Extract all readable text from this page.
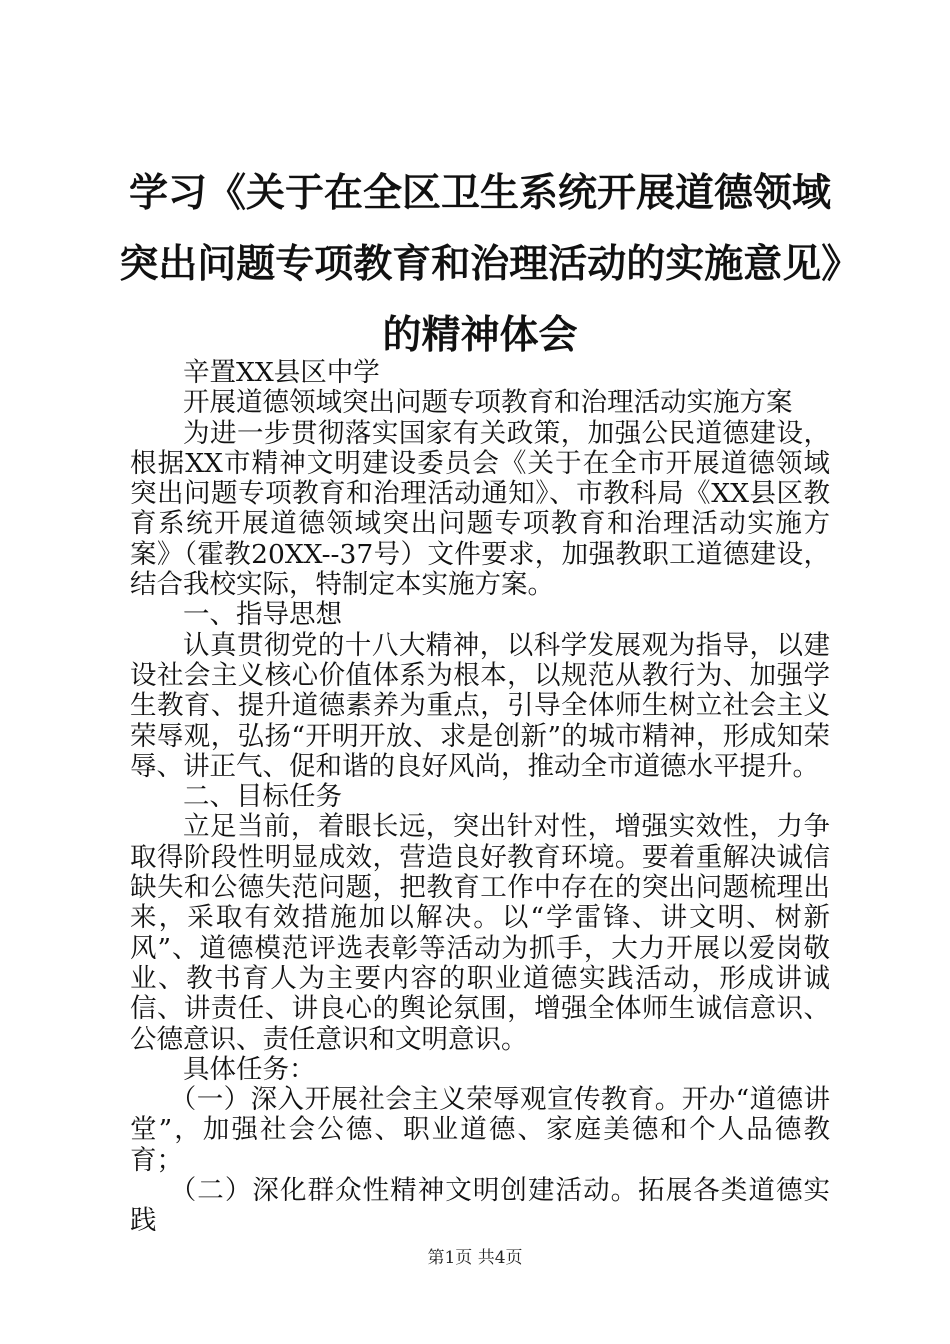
学习《关于在全区卫生系统开展道德领域突出问题专项教育和治理活动的实施意见》的精神体会

辛置XX县区中学

开展道德领域突出问题专项教育和治理活动实施方案

为进一步贯彻落实国家有关政策，加强公民道德建设，根据XX市精神文明建设委员会《关于在全市开展道德领域突出问题专项教育和治理活动通知》、市教科局《XX县区教育系统开展道德领域突出问题专项教育和治理活动实施方案》（霍教20XX--37号）文件要求，加强教职工道德建设，结合我校实际，特制定本实施方案。

一、指导思想

认真贯彻党的十八大精神，以科学发展观为指导，以建设社会主义核心价值体系为根本，以规范从教行为、加强学生教育、提升道德素养为重点，引导全体师生树立社会主义荣辱观，弘扬“开明开放、求是创新”的城市精神，形成知荣辱、讲正气、促和谐的良好风尚，推动全市道德水平提升。

二、目标任务

立足当前，着眼长远，突出针对性，增强实效性，力争取得阶段性明显成效，营造良好教育环境。要着重解决诚信缺失和公德失范问题，把教育工作中存在的突出问题梳理出来，采取有效措施加以解决。以“学雷锋、讲文明、树新风”、道德模范评选表彰等活动为抓手，大力开展以爱岗敬业、教书育人为主要内容的职业道德实践活动，形成讲诚信、讲责任、讲良心的舆论氛围，增强全体师生诚信意识、公德意识、责任意识和文明意识。

具体任务：

（一）深入开展社会主义荣辱观宣传教育。开办“道德讲堂”，加强社会公德、职业道德、家庭美德和个人品德教育；

（二）深化群众性精神文明创建活动。拓展各类道德实践

第1页 共4页
